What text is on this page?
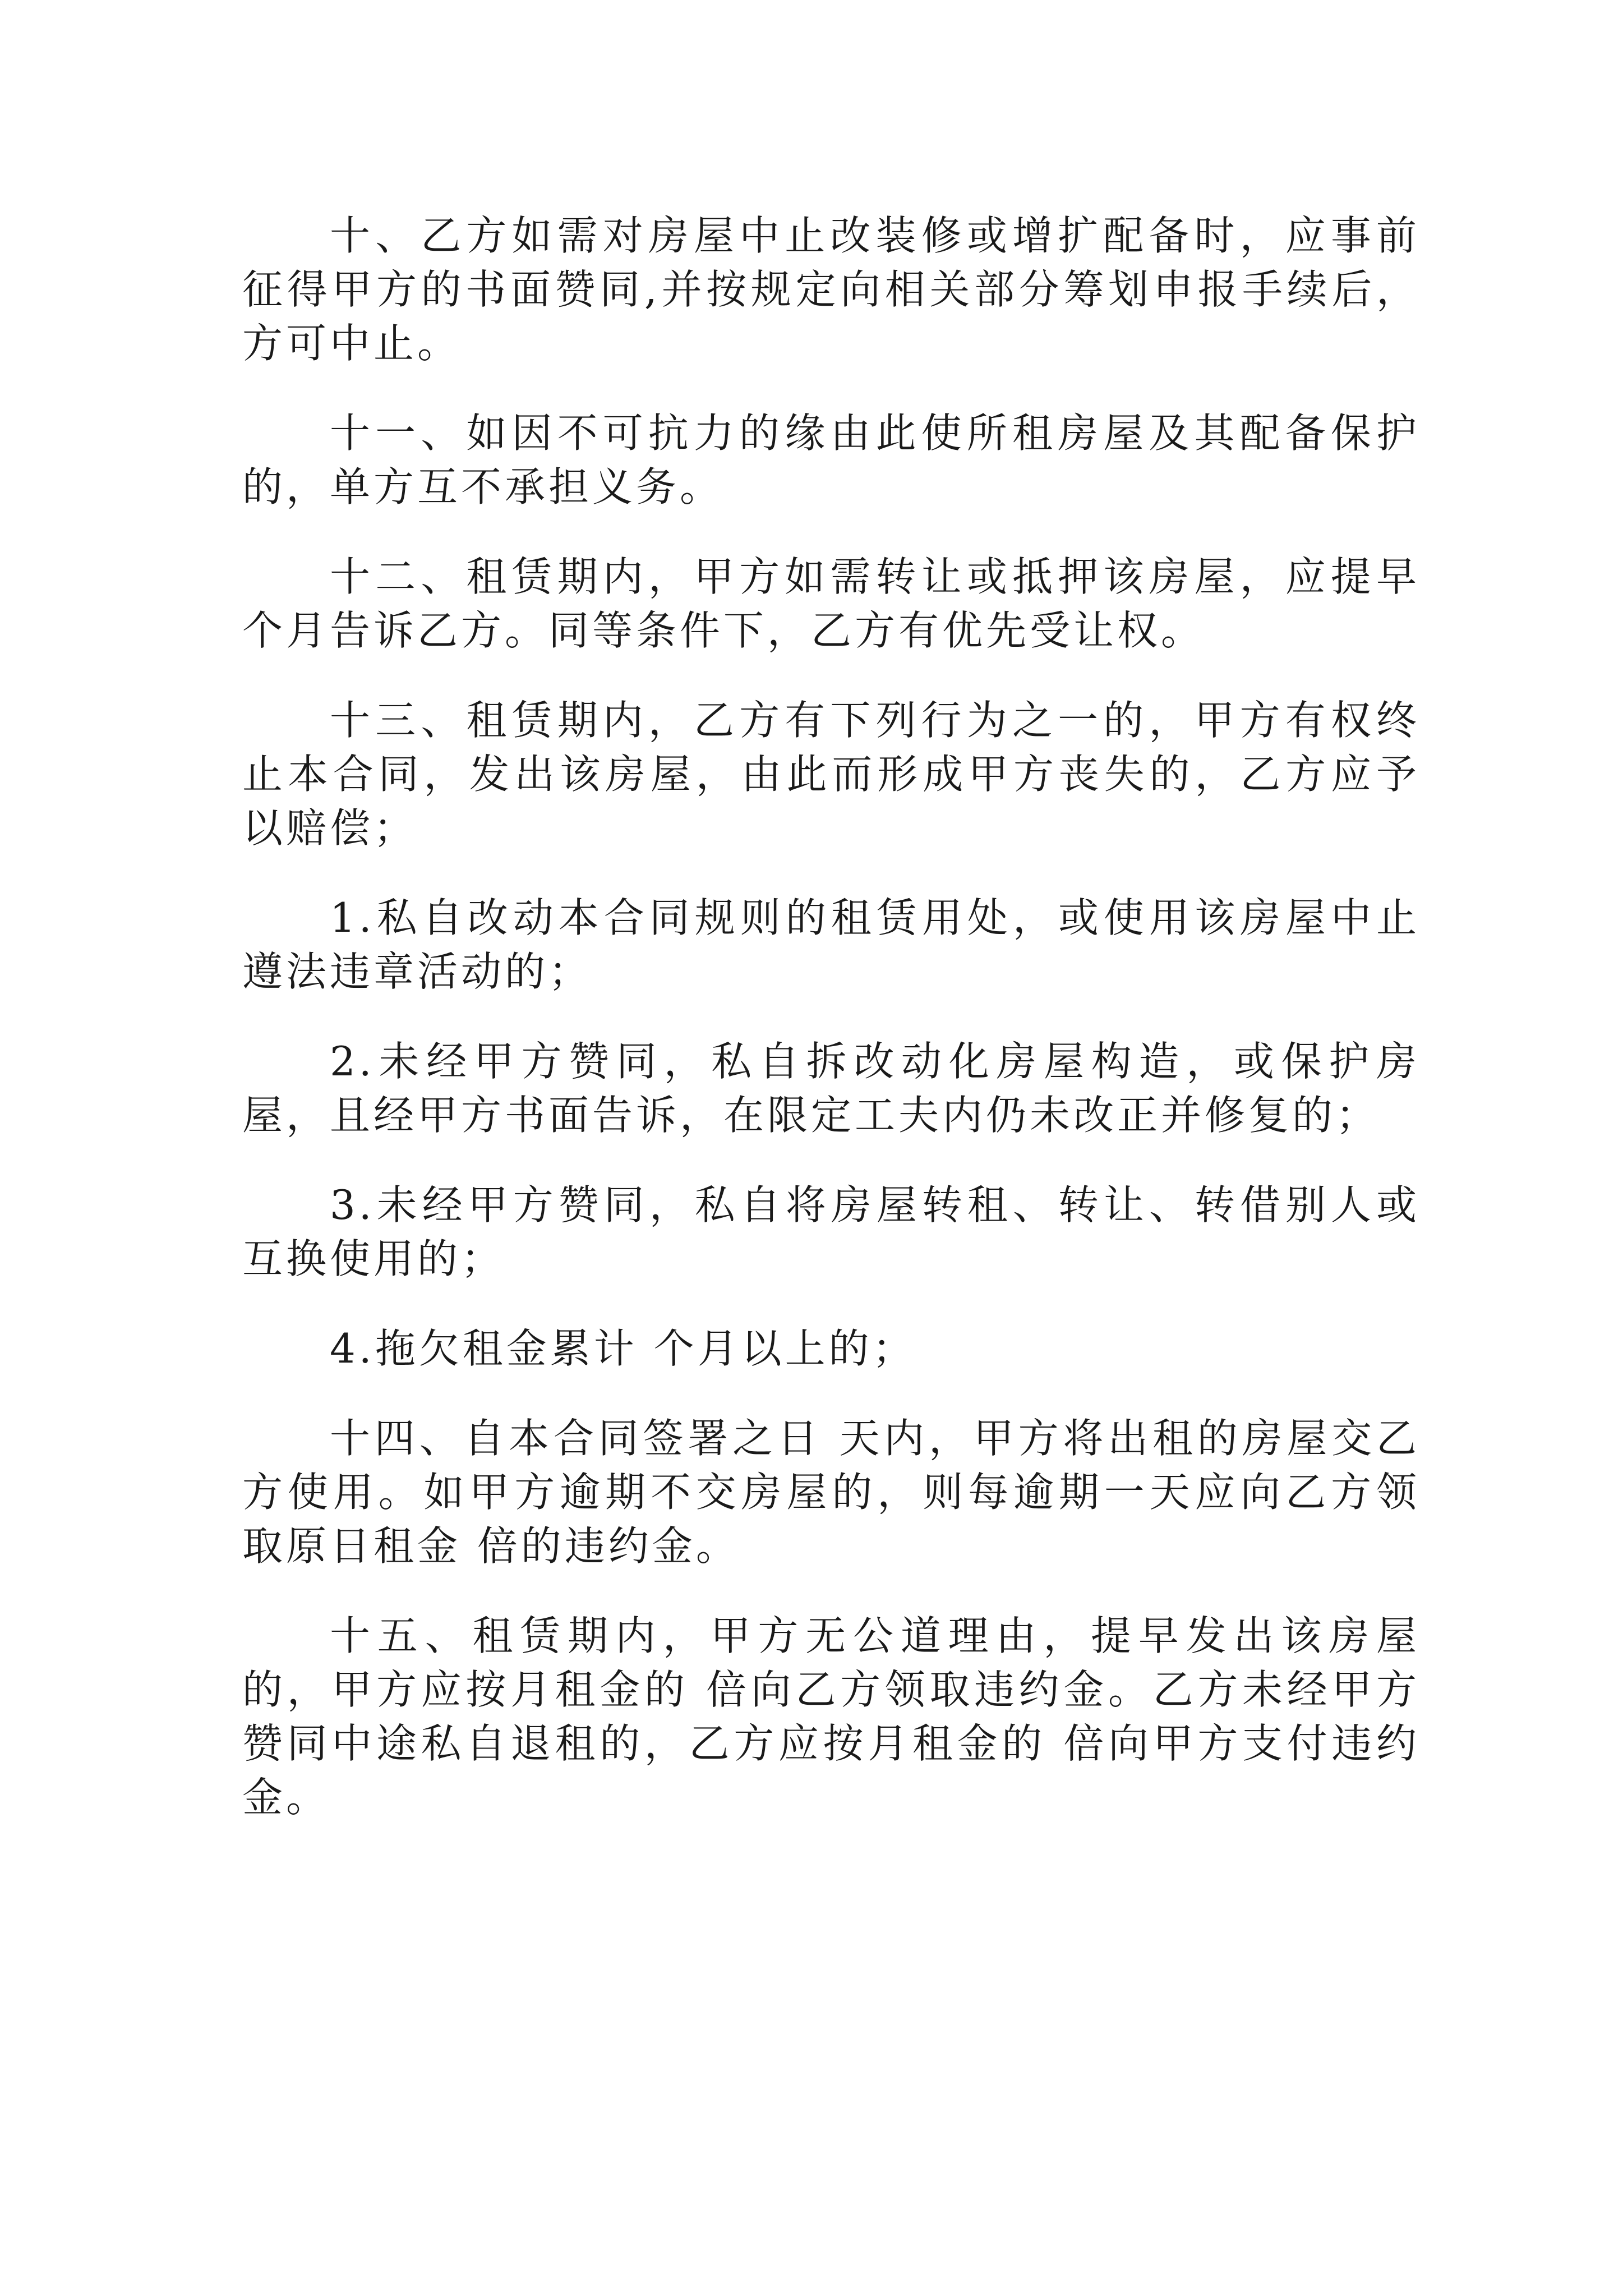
十、乙方如需对房屋中止改装修或增扩配备时，应事前征得甲方的书面赞同,并按规定向相关部分筹划申报手续后，方可中止。

十一、如因不可抗力的缘由此使所租房屋及其配备保护的，单方互不承担义务。

十二、租赁期内，甲方如需转让或抵押该房屋，应提早个月告诉乙方。同等条件下，乙方有优先受让权。

十三、租赁期内，乙方有下列行为之一的，甲方有权终止本合同，发出该房屋，由此而形成甲方丧失的，乙方应予以赔偿；

1.私自改动本合同规则的租赁用处，或使用该房屋中止遵法违章活动的；

2.未经甲方赞同，私自拆改动化房屋构造，或保护房屋，且经甲方书面告诉，在限定工夫内仍未改正并修复的；

3.未经甲方赞同，私自将房屋转租、转让、转借别人或互换使用的；

4.拖欠租金累计 个月以上的；

十四、自本合同签署之日 天内，甲方将出租的房屋交乙方使用。如甲方逾期不交房屋的，则每逾期一天应向乙方领取原日租金 倍的违约金。

十五、租赁期内，甲方无公道理由，提早发出该房屋的，甲方应按月租金的 倍向乙方领取违约金。乙方未经甲方赞同中途私自退租的，乙方应按月租金的 倍向甲方支付违约金。
